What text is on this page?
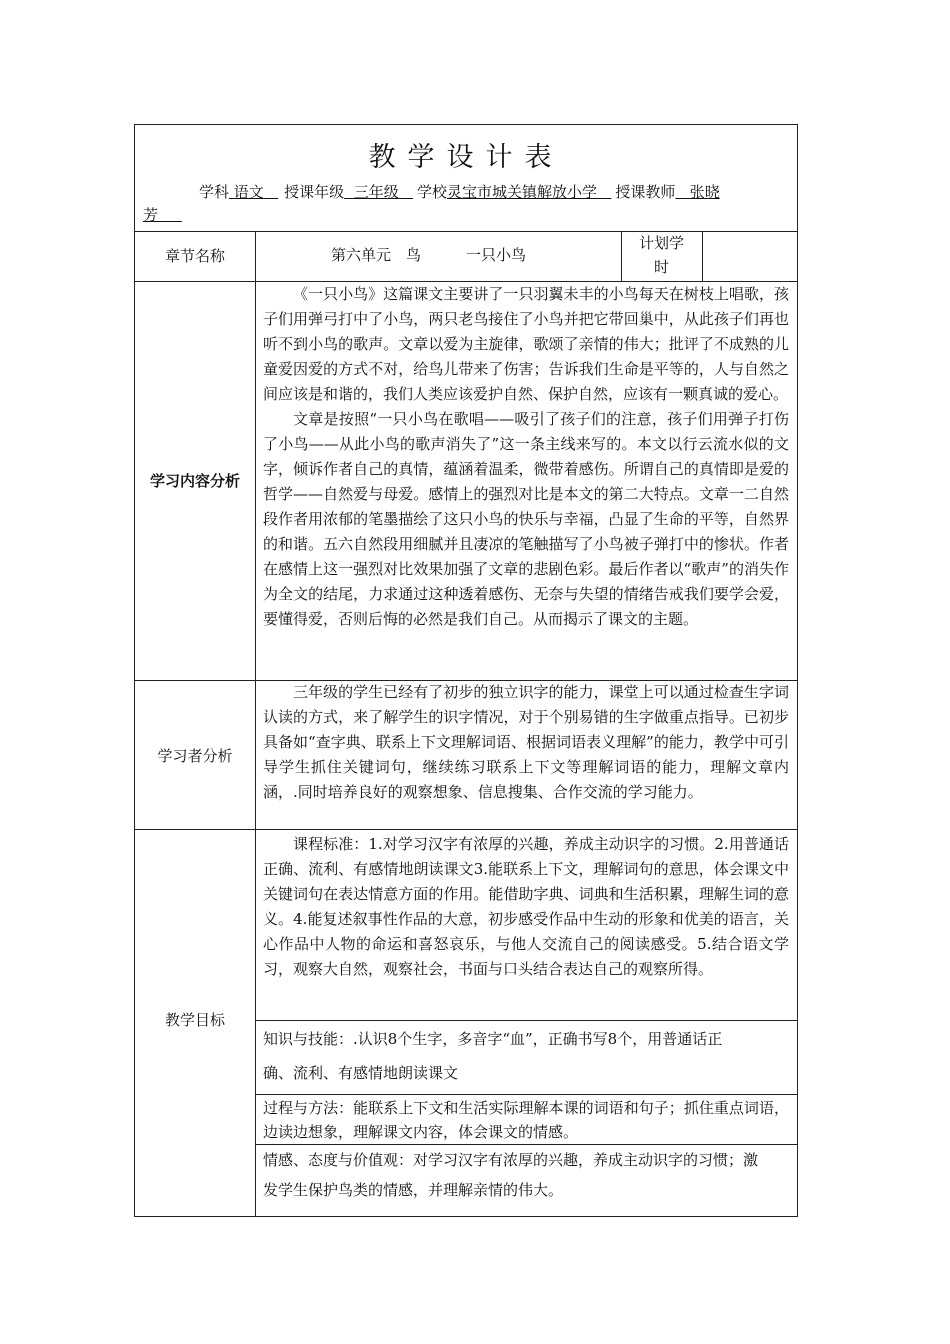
教学设计表
学科 语文 授课年级 三年级 学校灵宝市城关镇解放小学 授课教师 张晓
芳
章节名称	第六单元　鸟　　　一只小鸟
计划学
时
学习内容分析

《一只小鸟》这篇课文主要讲了一只羽翼未丰的小鸟每天在树枝上唱歌，孩子们用弹弓打中了小鸟，两只老鸟接住了小鸟并把它带回巢中，从此孩子们再也听不到小鸟的歌声。文章以爱为主旋律，歌颂了亲情的伟大；批评了不成熟的儿童爱因爱的方式不对，给鸟儿带来了伤害；告诉我们生命是平等的，人与自然之间应该是和谐的，我们人类应该爱护自然、保护自然，应该有一颗真诚的爱心。

文章是按照“一只小鸟在歌唱——吸引了孩子们的注意，孩子们用弹子打伤了小鸟——从此小鸟的歌声消失了”这一条主线来写的。本文以行云流水似的文字，倾诉作者自己的真情，蕴涵着温柔，微带着感伤。所谓自己的真情即是爱的哲学——自然爱与母爱。感情上的强烈对比是本文的第二大特点。文章一二自然段作者用浓郁的笔墨描绘了这只小鸟的快乐与幸福，凸显了生命的平等，自然界的和谐。五六自然段用细腻并且凄凉的笔触描写了小鸟被子弹打中的惨状。作者在感情上这一强烈对比效果加强了文章的悲剧色彩。最后作者以“歌声”的消失作为全文的结尾，力求通过这种透着感伤、无奈与失望的情绪告戒我们要学会爱，要懂得爱，否则后悔的必然是我们自己。从而揭示了课文的主题。

学习者分析

三年级的学生已经有了初步的独立识字的能力，课堂上可以通过检查生字词认读的方式，来了解学生的识字情况，对于个别易错的生字做重点指导。已初步具备如“查字典、联系上下文理解词语、根据词语表义理解”的能力，教学中可引导学生抓住关键词句，继续练习联系上下文等理解词语的能力，理解文章内涵，.同时培养良好的观察想象、信息搜集、合作交流的学习能力。

教学目标

课程标准：1.对学习汉字有浓厚的兴趣，养成主动识字的习惯。2.用普通话正确、流利、有感情地朗读课文3.能联系上下文，理解词句的意思，体会课文中关键词句在表达情意方面的作用。能借助字典、词典和生活积累，理解生词的意义。4.能复述叙事性作品的大意，初步感受作品中生动的形象和优美的语言，关心作品中人物的命运和喜怒哀乐，与他人交流自己的阅读感受。5.结合语文学习，观察大自然，观察社会，书面与口头结合表达自己的观察所得。

知识与技能：.认识8个生字，多音字“血”，正确书写8个，用普通话正
确、流利、有感情地朗读课文
过程与方法：能联系上下文和生活实际理解本课的词语和句子；抓住重点词语，边读边想象，理解课文内容，体会课文的情感。
情感、态度与价值观：对学习汉字有浓厚的兴趣，养成主动识字的习惯；激
发学生保护鸟类的情感，并理解亲情的伟大。
